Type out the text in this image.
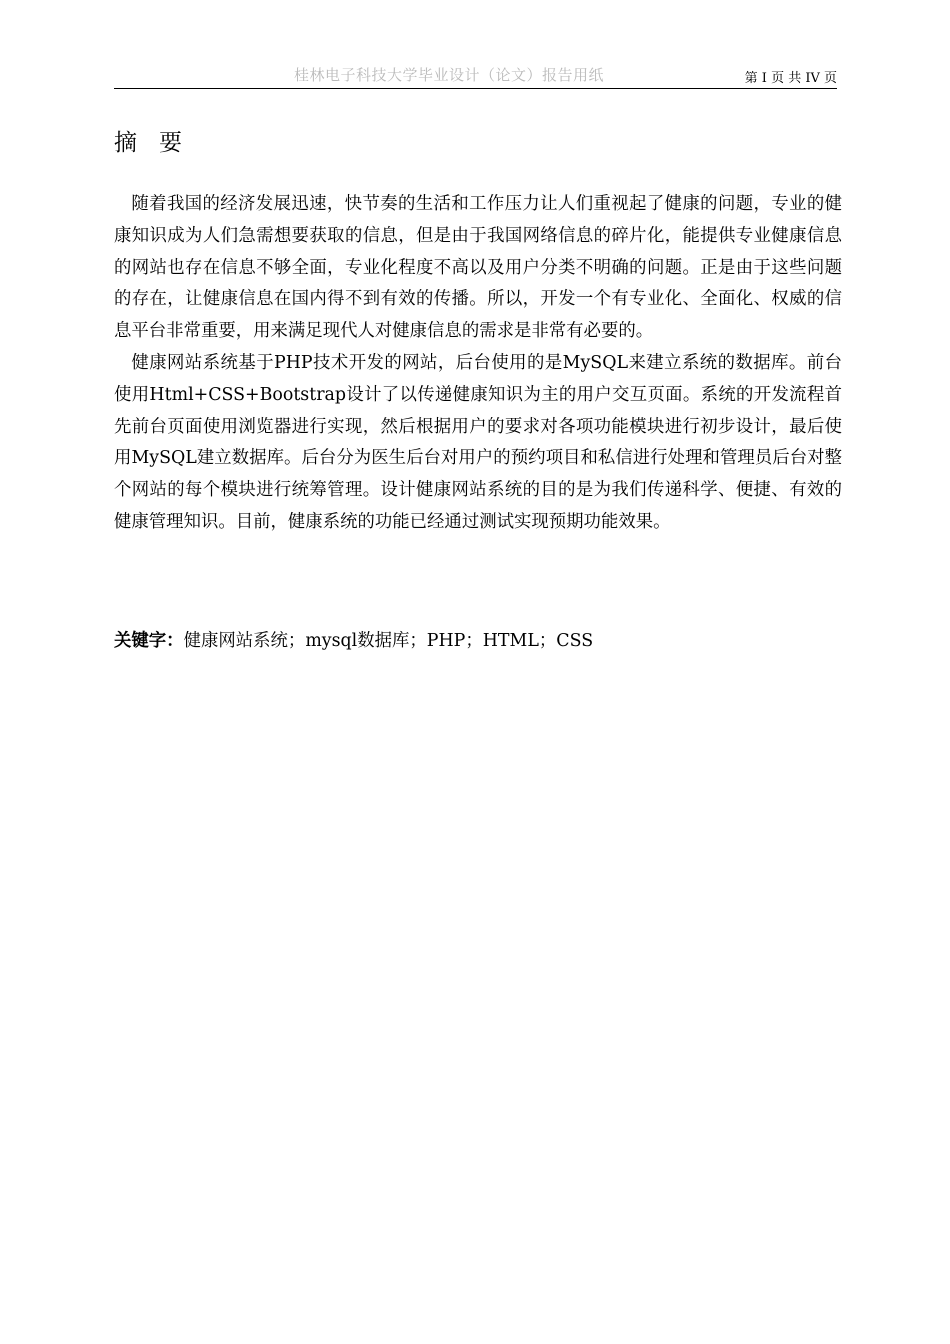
桂林电子科技大学毕业设计（论文）报告用纸	第 I 页 共 IV 页
摘要

随着我国的经济发展迅速，快节奏的生活和工作压力让人们重视起了健康的问题，专业的健康知识成为人们急需想要获取的信息，但是由于我国网络信息的碎片化，能提供专业健康信息的网站也存在信息不够全面，专业化程度不高以及用户分类不明确的问题。正是由于这些问题的存在，让健康信息在国内得不到有效的传播。所以，开发一个有专业化、全面化、权威的信息平台非常重要，用来满足现代人对健康信息的需求是非常有必要的。

健康网站系统基于PHP技术开发的网站，后台使用的是MySQL来建立系统的数据库。前台使用Html+CSS+Bootstrap设计了以传递健康知识为主的用户交互页面。系统的开发流程首先前台页面使用浏览器进行实现，然后根据用户的要求对各项功能模块进行初步设计，最后使用MySQL建立数据库。后台分为医生后台对用户的预约项目和私信进行处理和管理员后台对整个网站的每个模块进行统筹管理。设计健康网站系统的目的是为我们传递科学、便捷、有效的健康管理知识。目前，健康系统的功能已经通过测试实现预期功能效果。

关键字：健康网站系统；mysql数据库；PHP；HTML；CSS
